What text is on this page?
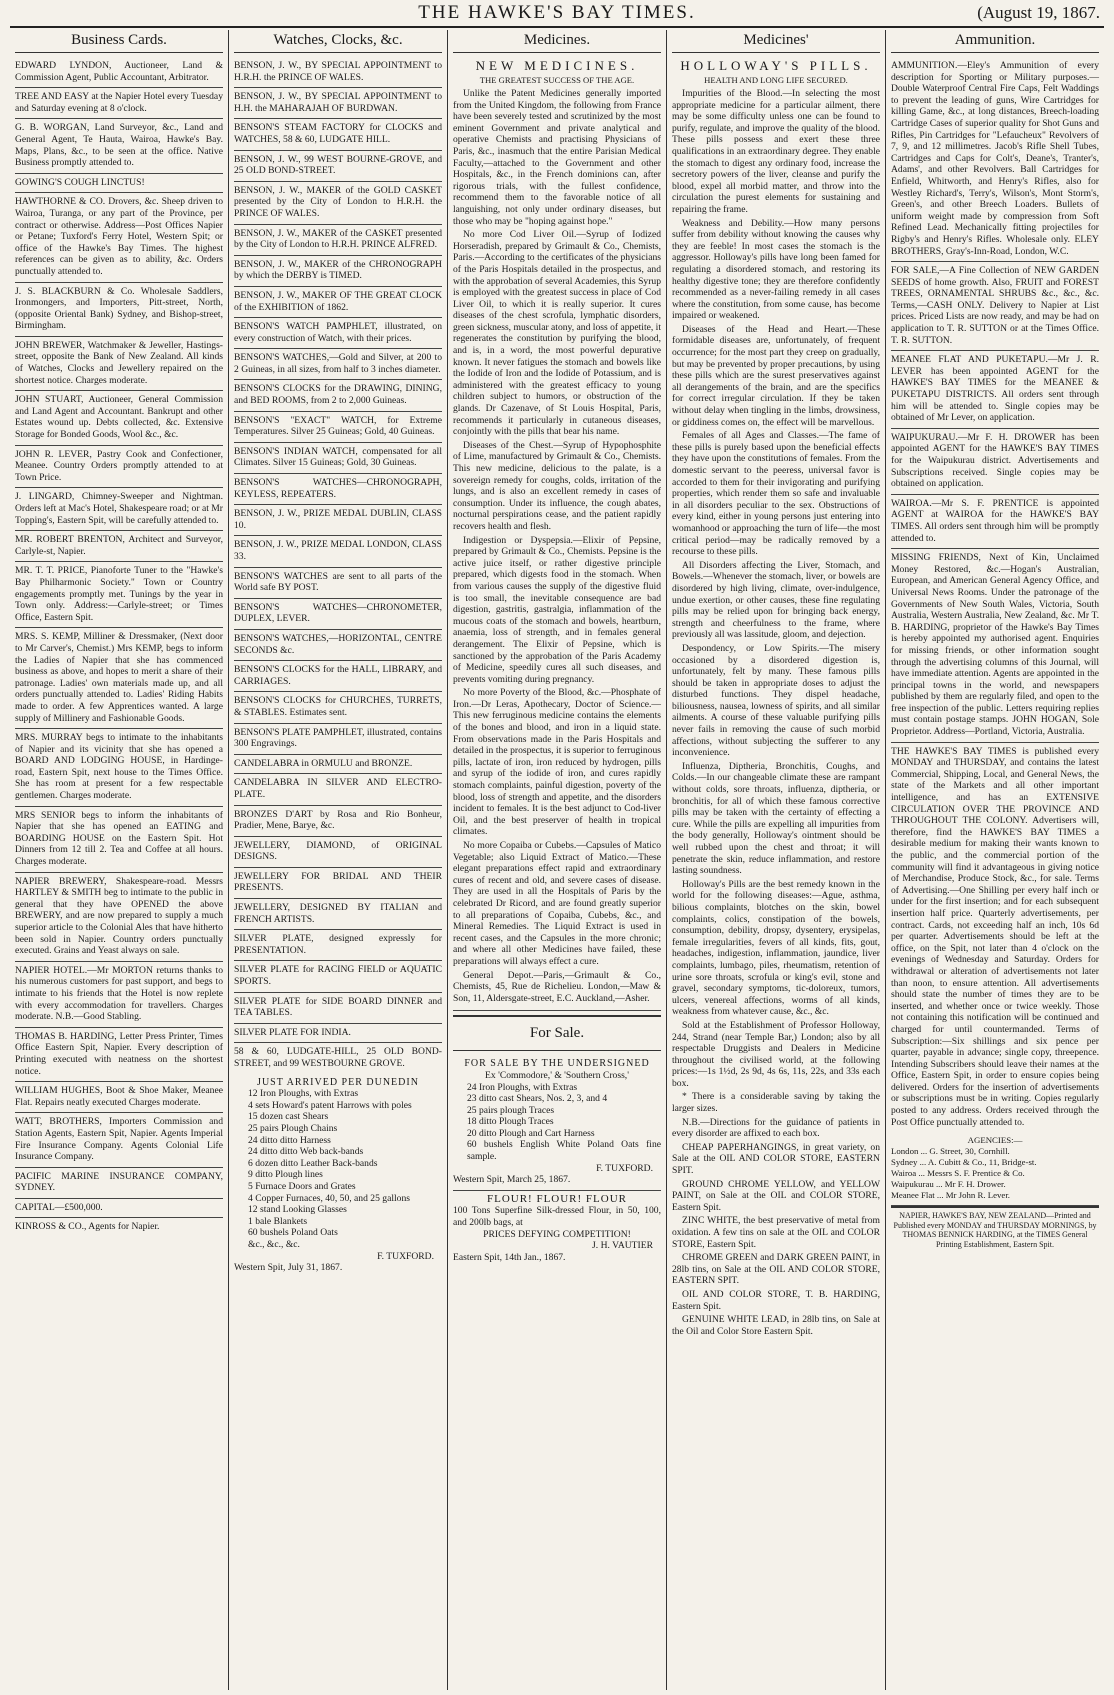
THE HAWKE'S BAY TIMES.	(August 19, 1867.
Business Cards.
EDWARD LYNDON, Auctioneer, Land & Commission Agent, Public Accountant, Arbitrator.
TREE AND EASY at the Napier Hotel every Tuesday and Saturday evening at 8 o'clock.
G. B. WORGAN, Land Surveyor, &c., Land and General Agent, Te Hauta, Wairoa, Hawke's Bay. Maps, Plans, &c., to be seen at the office. Native Business promptly attended to.
GOWING'S COUGH LINCTUS!
HAWTHORNE & CO. Drovers, &c. Sheep driven to Wairoa, Turanga, or any part of the Province, per contract or otherwise. Address—Post Offices Napier or Petane; Tuxford's Ferry Hotel, Western Spit; or office of the Hawke's Bay Times. The highest references can be given as to ability, &c. Orders punctually attended to.
J. S. BLACKBURN & Co. Wholesale Saddlers, Ironmongers, and Importers, Pitt-street, North, (opposite Oriental Bank) Sydney, and Bishop-street, Birmingham.
JOHN BREWER, Watchmaker & Jeweller, Hastings-street, opposite the Bank of New Zealand. All kinds of Watches, Clocks and Jewellery repaired on the shortest notice. Charges moderate.
JOHN STUART, Auctioneer, General Commission and Land Agent and Accountant. Bankrupt and other Estates wound up. Debts collected, &c. Extensive Storage for Bonded Goods, Wool &c., &c.
JOHN R. LEVER, Pastry Cook and Confectioner, Meanee. Country Orders promptly attended to at Town Price.
J. LINGARD, Chimney-Sweeper and Nightman. Orders left at Mac's Hotel, Shakespeare road; or at Mr Topping's, Eastern Spit, will be carefully attended to.
MR. ROBERT BRENTON, Architect and Surveyor, Carlyle-st, Napier.
MR. T. T. PRICE, Pianoforte Tuner to the "Hawke's Bay Philharmonic Society." Town or Country engagements promptly met. Tunings by the year in Town only. Address:—Carlyle-street; or Times Office, Eastern Spit.
MRS. S. KEMP, Milliner & Dressmaker, (Next door to Mr Carver's, Chemist.) Mrs KEMP, begs to inform the Ladies of Napier that she has commenced business as above, and hopes to merit a share of their patronage. Ladies' own materials made up, and all orders punctually attended to. Ladies' Riding Habits made to order. A few Apprentices wanted. A large supply of Millinery and Fashionable Goods.
MRS. MURRAY begs to intimate to the inhabitants of Napier and its vicinity that she has opened a BOARD AND LODGING HOUSE, in Hardinge-road, Eastern Spit, next house to the Times Office. She has room at present for a few respectable gentlemen. Charges moderate.
MRS SENIOR begs to inform the inhabitants of Napier that she has opened an EATING and BOARDING HOUSE on the Eastern Spit. Hot Dinners from 12 till 2. Tea and Coffee at all hours. Charges moderate.
NAPIER BREWERY, Shakespeare-road. Messrs HARTLEY & SMITH beg to intimate to the public in general that they have OPENED the above BREWERY, and are now prepared to supply a much superior article to the Colonial Ales that have hitherto been sold in Napier. Country orders punctually executed. Grains and Yeast always on sale.
NAPIER HOTEL.—Mr MORTON returns thanks to his numerous customers for past support, and begs to intimate to his friends that the Hotel is now replete with every accommodation for travellers. Charges moderate. N.B.—Good Stabling.
THOMAS B. HARDING, Letter Press Printer, Times Office Eastern Spit, Napier. Every description of Printing executed with neatness on the shortest notice.
WILLIAM HUGHES, Boot & Shoe Maker, Meanee Flat. Repairs neatly executed Charges moderate.
WATT, BROTHERS, Importers Commission and Station Agents, Eastern Spit, Napier. Agents Imperial Fire Insurance Company. Agents Colonial Life Insurance Company.
PACIFIC MARINE INSURANCE COMPANY, SYDNEY.
CAPITAL—£500,000.
KINROSS & CO., Agents for Napier.
Watches, Clocks, &c.
BENSON, J. W., BY SPECIAL APPOINTMENT to H.R.H. the PRINCE OF WALES.
BENSON, J. W., BY SPECIAL APPOINTMENT to H.H. the MAHARAJAH OF BURDWAN.
BENSON'S STEAM FACTORY for CLOCKS and WATCHES, 58 & 60, LUDGATE HILL.
BENSON, J. W., 99 WEST BOURNE-GROVE, and 25 OLD BOND-STREET.
BENSON, J. W., MAKER of the GOLD CASKET presented by the City of London to H.R.H. the PRINCE OF WALES.
BENSON, J. W., MAKER of the CASKET presented by the City of London to H.R.H. PRINCE ALFRED.
BENSON, J. W., MAKER of the CHRONOGRAPH by which the DERBY is TIMED.
BENSON, J. W., MAKER OF THE GREAT CLOCK of the EXHIBITION of 1862.
BENSON'S WATCH PAMPHLET, illustrated, on every construction of Watch, with their prices.
BENSON'S WATCHES,—Gold and Silver, at 200 to 2 Guineas, in all sizes, from half to 3 inches diameter.
BENSON'S CLOCKS for the DRAWING, DINING, and BED ROOMS, from 2 to 2,000 Guineas.
BENSON'S "EXACT" WATCH, for Extreme Temperatures. Silver 25 Guineas; Gold, 40 Guineas.
BENSON'S INDIAN WATCH, compensated for all Climates. Silver 15 Guineas; Gold, 30 Guineas.
BENSON'S WATCHES—CHRONOGRAPH, KEYLESS, REPEATERS.
BENSON, J. W., PRIZE MEDAL DUBLIN, CLASS 10.
BENSON, J. W., PRIZE MEDAL LONDON, CLASS 33.
BENSON'S WATCHES are sent to all parts of the World safe BY POST.
BENSON'S WATCHES—CHRONOMETER, DUPLEX, LEVER.
BENSON'S WATCHES,—HORIZONTAL, CENTRE SECONDS &c.
BENSON'S CLOCKS for the HALL, LIBRARY, and CARRIAGES.
BENSON'S CLOCKS for CHURCHES, TURRETS, & STABLES. Estimates sent.
BENSON'S PLATE PAMPHLET, illustrated, contains 300 Engravings.
CANDELABRA in ORMULU and BRONZE.
CANDELABRA IN SILVER AND ELECTRO-PLATE.
BRONZES D'ART by Rosa and Rio Bonheur, Pradier, Mene, Barye, &c.
JEWELLERY, DIAMOND, of ORIGINAL DESIGNS.
JEWELLERY FOR BRIDAL AND THEIR PRESENTS.
JEWELLERY, DESIGNED BY ITALIAN and FRENCH ARTISTS.
SILVER PLATE, designed expressly for PRESENTATION.
SILVER PLATE for RACING FIELD or AQUATIC SPORTS.
SILVER PLATE for SIDE BOARD DINNER and TEA TABLES.
SILVER PLATE FOR INDIA.
58 & 60, LUDGATE-HILL, 25 OLD BOND-STREET, and 99 WESTBOURNE GROVE.
JUST ARRIVED PER DUNEDIN
12 Iron Ploughs, with Extras
4 sets Howard's patent Harrows with poles
15 dozen cast Shears
25 pairs Plough Chains
24 ditto ditto Harness
24 ditto ditto Web back-bands
6 dozen ditto Leather Back-bands
9 ditto Plough lines
5 Furnace Doors and Grates
4 Copper Furnaces, 40, 50, and 25 gallons
12 stand Looking Glasses
1 bale Blankets
60 bushels Poland Oats
&c., &c., &c.
F. TUXFORD.
Western Spit, July 31, 1867.
Medicines.
NEW MEDICINES.
THE GREATEST SUCCESS OF THE AGE.
Unlike the Patent Medicines generally imported from the United Kingdom, the following from France have been severely tested and scrutinized by the most eminent Government and private analytical and operative Chemists and practising Physicians of Paris, &c., inasmuch that the entire Parisian Medical Faculty,—attached to the Government and other Hospitals, &c., in the French dominions can, after rigorous trials, with the fullest confidence, recommend them to the favorable notice of all languishing, not only under ordinary diseases, but those who may be "hoping against hope."
No more Cod Liver Oil.—Syrup of Iodized Horseradish, prepared by Grimault & Co., Chemists, Paris.—According to the certificates of the physicians of the Paris Hospitals detailed in the prospectus, and with the approbation of several Academies, this Syrup is employed with the greatest success in place of Cod Liver Oil, to which it is really superior. It cures diseases of the chest scrofula, lymphatic disorders, green sickness, muscular atony, and loss of appetite, it regenerates the constitution by purifying the blood, and is, in a word, the most powerful depurative known. It never fatigues the stomach and bowels like the Iodide of Iron and the Iodide of Potassium, and is administered with the greatest efficacy to young children subject to humors, or obstruction of the glands. Dr Cazenave, of St Louis Hospital, Paris, recommends it particularly in cutaneous diseases, conjointly with the pills that bear his name.
Diseases of the Chest.—Syrup of Hypophosphite of Lime, manufactured by Grimault & Co., Chemists. This new medicine, delicious to the palate, is a sovereign remedy for coughs, colds, irritation of the lungs, and is also an excellent remedy in cases of consumption. Under its influence, the cough abates, nocturnal perspirations cease, and the patient rapidly recovers health and flesh.
Indigestion or Dyspepsia.—Elixir of Pepsine, prepared by Grimault & Co., Chemists. Pepsine is the active juice itself, or rather digestive principle prepared, which digests food in the stomach. When from various causes the supply of the digestive fluid is too small, the inevitable consequence are bad digestion, gastritis, gastralgia, inflammation of the mucous coats of the stomach and bowels, heartburn, anaemia, loss of strength, and in females general derangement. The Elixir of Pepsine, which is sanctioned by the approbation of the Paris Academy of Medicine, speedily cures all such diseases, and prevents vomiting during pregnancy.
No more Poverty of the Blood, &c.—Phosphate of Iron.—Dr Leras, Apothecary, Doctor of Science.—This new ferruginous medicine contains the elements of the bones and blood, and iron in a liquid state. From observations made in the Paris Hospitals and detailed in the prospectus, it is superior to ferruginous pills, lactate of iron, iron reduced by hydrogen, pills and syrup of the iodide of iron, and cures rapidly stomach complaints, painful digestion, poverty of the blood, loss of strength and appetite, and the disorders incident to females. It is the best adjunct to Cod-liver Oil, and the best preserver of health in tropical climates.
No more Copaiba or Cubebs.—Capsules of Matico Vegetable; also Liquid Extract of Matico.—These elegant preparations effect rapid and extraordinary cures of recent and old, and severe cases of disease. They are used in all the Hospitals of Paris by the celebrated Dr Ricord, and are found greatly superior to all preparations of Copaiba, Cubebs, &c., and Mineral Remedies. The Liquid Extract is used in recent cases, and the Capsules in the more chronic; and where all other Medicines have failed, these preparations will always effect a cure.
General Depot.—Paris,—Grimault & Co., Chemists, 45, Rue de Richelieu. London,—Maw & Son, 11, Aldersgate-street, E.C. Auckland,—Asher.
For Sale.
FOR SALE BY THE UNDERSIGNED
Ex 'Commodore,' & 'Southern Cross,'
24 Iron Ploughs, with Extras
23 ditto cast Shears, Nos. 2, 3, and 4
25 pairs plough Traces
18 ditto Plough Traces
20 ditto Plough and Cart Harness
60 bushels English White Poland Oats fine sample.
F. TUXFORD.
Western Spit, March 25, 1867.
FLOUR! FLOUR! FLOUR
100 Tons Superfine Silk-dressed Flour, in 50, 100, and 200lb bags, at
PRICES DEFYING COMPETITION!
J. H. VAUTIER
Eastern Spit, 14th Jan., 1867.
Medicines'
HOLLOWAY'S PILLS.
HEALTH AND LONG LIFE SECURED.
Impurities of the Blood.—In selecting the most appropriate medicine for a particular ailment, there may be some difficulty unless one can be found to purify, regulate, and improve the quality of the blood. These pills possess and exert these three qualifications in an extraordinary degree. They enable the stomach to digest any ordinary food, increase the secretory powers of the liver, cleanse and purify the blood, expel all morbid matter, and throw into the circulation the purest elements for sustaining and repairing the frame.
Weakness and Debility.—How many persons suffer from debility without knowing the causes why they are feeble! In most cases the stomach is the aggressor. Holloway's pills have long been famed for regulating a disordered stomach, and restoring its healthy digestive tone; they are therefore confidently recommended as a never-failing remedy in all cases where the constitution, from some cause, has become impaired or weakened.
Diseases of the Head and Heart.—These formidable diseases are, unfortunately, of frequent occurrence; for the most part they creep on gradually, but may be prevented by proper precautions, by using these pills which are the surest preservatives against all derangements of the brain, and are the specifics for correct irregular circulation. If they be taken without delay when tingling in the limbs, drowsiness, or giddiness comes on, the effect will be marvellous.
Females of all Ages and Classes.—The fame of these pills is purely based upon the beneficial effects they have upon the constitutions of females. From the domestic servant to the peeress, universal favor is accorded to them for their invigorating and purifying properties, which render them so safe and invaluable in all disorders peculiar to the sex. Obstructions of every kind, either in young persons just entering into womanhood or approaching the turn of life—the most critical period—may be radically removed by a recourse to these pills.
All Disorders affecting the Liver, Stomach, and Bowels.—Whenever the stomach, liver, or bowels are disordered by high living, climate, over-indulgence, undue exertion, or other causes, these fine regulating pills may be relied upon for bringing back energy, strength and cheerfulness to the frame, where previously all was lassitude, gloom, and dejection.
Despondency, or Low Spirits.—The misery occasioned by a disordered digestion is, unfortunately, felt by many. These famous pills should be taken in appropriate doses to adjust the disturbed functions. They dispel headache, biliousness, nausea, lowness of spirits, and all similar ailments. A course of these valuable purifying pills never fails in removing the cause of such morbid affections, without subjecting the sufferer to any inconvenience.
Influenza, Diptheria, Bronchitis, Coughs, and Colds.—In our changeable climate these are rampant without colds, sore throats, influenza, diptheria, or bronchitis, for all of which these famous corrective pills may be taken with the certainty of effecting a cure. While the pills are expelling all impurities from the body generally, Holloway's ointment should be well rubbed upon the chest and throat; it will penetrate the skin, reduce inflammation, and restore lasting soundness.
Holloway's Pills are the best remedy known in the world for the following diseases:—Ague, asthma, bilious complaints, blotches on the skin, bowel complaints, colics, constipation of the bowels, consumption, debility, dropsy, dysentery, erysipelas, female irregularities, fevers of all kinds, fits, gout, headaches, indigestion, inflammation, jaundice, liver complaints, lumbago, piles, rheumatism, retention of urine sore throats, scrofula or king's evil, stone and gravel, secondary symptoms, tic-doloreux, tumors, ulcers, venereal affections, worms of all kinds, weakness from whatever cause, &c., &c.
Sold at the Establishment of Professor Holloway, 244, Strand (near Temple Bar,) London; also by all respectable Druggists and Dealers in Medicine throughout the civilised world, at the following prices:—1s 1½d, 2s 9d, 4s 6s, 11s, 22s, and 33s each box.
* There is a considerable saving by taking the larger sizes.
N.B.—Directions for the guidance of patients in every disorder are affixed to each box.
CHEAP PAPERHANGINGS, in great variety, on Sale at the OIL AND COLOR STORE, EASTERN SPIT.
GROUND CHROME YELLOW, and YELLOW PAINT, on Sale at the OIL and COLOR STORE, Eastern Spit.
ZINC WHITE, the best preservative of metal from oxidation. A few tins on sale at the OIL and COLOR STORE, Eastern Spit.
CHROME GREEN and DARK GREEN PAINT, in 28lb tins, on Sale at the OIL AND COLOR STORE, EASTERN SPIT.
OIL AND COLOR STORE, T. B. HARDING, Eastern Spit.
GENUINE WHITE LEAD, in 28lb tins, on Sale at the Oil and Color Store Eastern Spit.
Ammunition.
AMMUNITION.—Eley's Ammunition of every description for Sporting or Military purposes.—Double Waterproof Central Fire Caps, Felt Waddings to prevent the leading of guns, Wire Cartridges for killing Game, &c., at long distances, Breech-loading Cartridge Cases of superior quality for Shot Guns and Rifles, Pin Cartridges for "Lefaucheux" Revolvers of 7, 9, and 12 millimetres. Jacob's Rifle Shell Tubes, Cartridges and Caps for Colt's, Deane's, Tranter's, Adams', and other Revolvers. Ball Cartridges for Enfield, Whitworth, and Henry's Rifles, also for Westley Richard's, Terry's, Wilson's, Mont Storm's, Green's, and other Breech Loaders. Bullets of uniform weight made by compression from Soft Refined Lead. Mechanically fitting projectiles for Rigby's and Henry's Rifles. Wholesale only. ELEY BROTHERS, Gray's-Inn-Road, London, W.C.
FOR SALE,—A Fine Collection of NEW GARDEN SEEDS of home growth. Also, FRUIT and FOREST TREES, ORNAMENTAL SHRUBS &c., &c., &c. Terms,—CASH ONLY. Delivery to Napier at List prices. Priced Lists are now ready, and may be had on application to T. R. SUTTON or at the Times Office. T. R. SUTTON.
MEANEE FLAT AND PUKETAPU.—Mr J. R. LEVER has been appointed AGENT for the HAWKE'S BAY TIMES for the MEANEE & PUKETAPU DISTRICTS. All orders sent through him will be attended to. Single copies may be obtained of Mr Lever, on application.
WAIPUKURAU.—Mr F. H. DROWER has been appointed AGENT for the HAWKE'S BAY TIMES for the Waipukurau district. Advertisements and Subscriptions received. Single copies may be obtained on application.
WAIROA.—Mr S. F. PRENTICE is appointed AGENT at WAIROA for the HAWKE'S BAY TIMES. All orders sent through him will be promptly attended to.
MISSING FRIENDS, Next of Kin, Unclaimed Money Restored, &c.—Hogan's Australian, European, and American General Agency Office, and Universal News Rooms. Under the patronage of the Governments of New South Wales, Victoria, South Australia, Western Australia, New Zealand, &c. Mr T. B. HARDING, proprietor of the Hawke's Bay Times is hereby appointed my authorised agent. Enquiries for missing friends, or other information sought through the advertising columns of this Journal, will have immediate attention. Agents are appointed in the principal towns in the world, and newspapers published by them are regularly filed, and open to the free inspection of the public. Letters requiring replies must contain postage stamps. JOHN HOGAN, Sole Proprietor. Address—Portland, Victoria, Australia.
THE HAWKE'S BAY TIMES is published every MONDAY and THURSDAY, and contains the latest Commercial, Shipping, Local, and General News, the state of the Markets and all other important intelligence, and has an EXTENSIVE CIRCULATION OVER THE PROVINCE AND THROUGHOUT THE COLONY. Advertisers will, therefore, find the HAWKE'S BAY TIMES a desirable medium for making their wants known to the public, and the commercial portion of the community will find it advantageous in giving notice of Merchandise, Produce Stock, &c., for sale. Terms of Advertising.—One Shilling per every half inch or under for the first insertion; and for each subsequent insertion half price. Quarterly advertisements, per contract. Cards, not exceeding half an inch, 10s 6d per quarter. Advertisements should be left at the office, on the Spit, not later than 4 o'clock on the evenings of Wednesday and Saturday. Orders for withdrawal or alteration of advertisements not later than noon, to ensure attention. All advertisements should state the number of times they are to be inserted, and whether once or twice weekly. Those not containing this notification will be continued and charged for until countermanded. Terms of Subscription:—Six shillings and six pence per quarter, payable in advance; single copy, threepence. Intending Subscribers should leave their names at the Office, Eastern Spit, in order to ensure copies being delivered. Orders for the insertion of advertisements or subscriptions must be in writing. Copies regularly posted to any address. Orders received through the Post Office punctually attended to.
AGENCIES:—
London ... G. Street, 30, Cornhill.
Sydney ... A. Cubitt & Co., 11, Bridge-st.
Wairoa ... Messrs S. F. Prentice & Co.
Waipukurau ... Mr F. H. Drower.
Meanee Flat ... Mr John R. Lever.
NAPIER, HAWKE'S BAY, NEW ZEALAND—Printed and Published every MONDAY and THURSDAY MORNINGS, by THOMAS BENNICK HARDING, at the TIMES General Printing Establishment, Eastern Spit.
